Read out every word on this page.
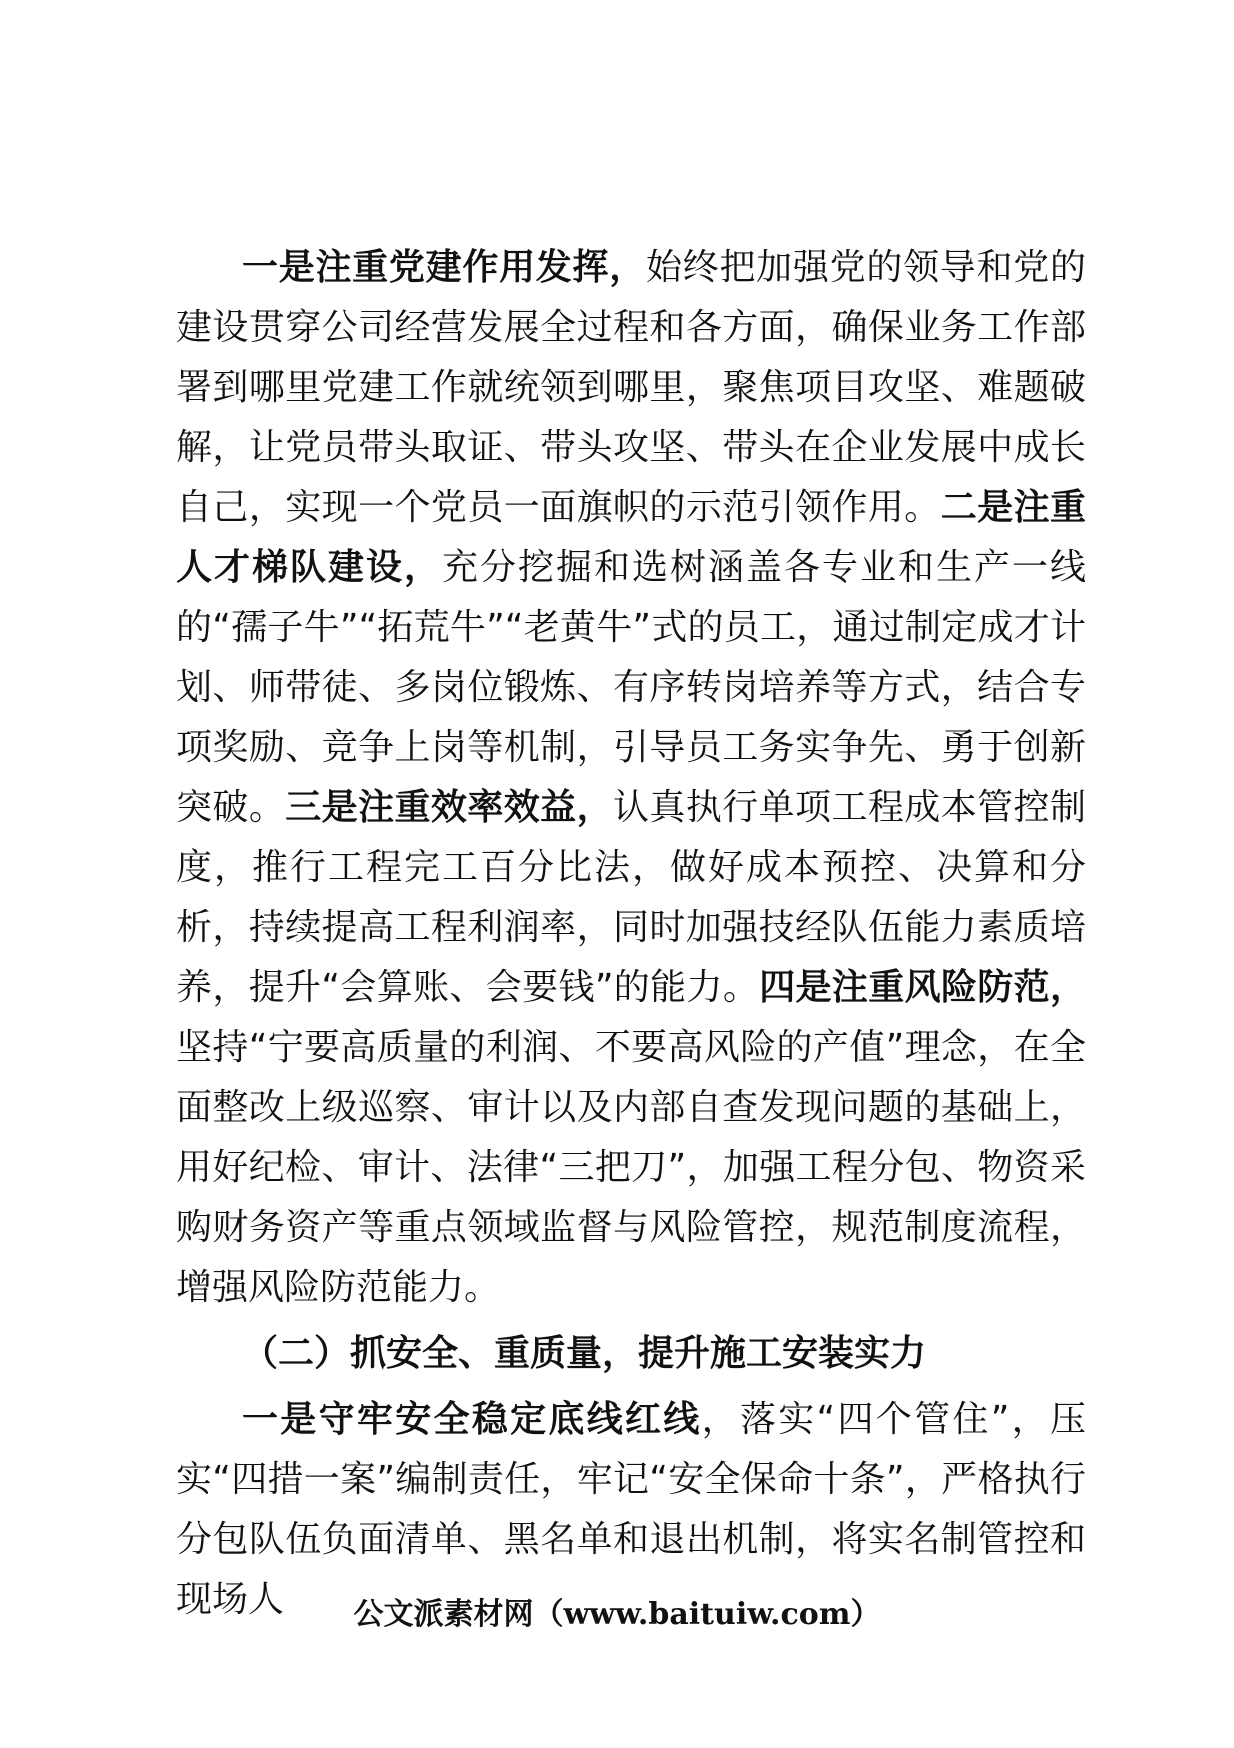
一是注重党建作用发挥，始终把加强党的领导和党的建设贯穿公司经营发展全过程和各方面，确保业务工作部署到哪里党建工作就统领到哪里，聚焦项目攻坚、难题破解，让党员带头取证、带头攻坚、带头在企业发展中成长自己，实现一个党员一面旗帜的示范引领作用。二是注重人才梯队建设，充分挖掘和选树涵盖各专业和生产一线的“孺子牛”“拓荒牛”“老黄牛”式的员工，通过制定成才计划、师带徒、多岗位锻炼、有序转岗培养等方式，结合专项奖励、竞争上岗等机制，引导员工务实争先、勇于创新突破。三是注重效率效益，认真执行单项工程成本管控制度，推行工程完工百分比法，做好成本预控、决算和分析，持续提高工程利润率，同时加强技经队伍能力素质培养，提升“会算账、会要钱”的能力。四是注重风险防范，坚持“宁要高质量的利润、不要高风险的产值”理念，在全面整改上级巡察、审计以及内部自查发现问题的基础上，用好纪检、审计、法律“三把刀”，加强工程分包、物资采购财务资产等重点领域监督与风险管控，规范制度流程，增强风险防范能力。

（二）抓安全、重质量，提升施工安装实力

一是守牢安全稳定底线红线，落实“四个管住”，压实“四措一案”编制责任，牢记“安全保命十条”，严格执行分包队伍负面清单、黑名单和退出机制，将实名制管控和现场人	公文派素材网（www.baituiw.com）
